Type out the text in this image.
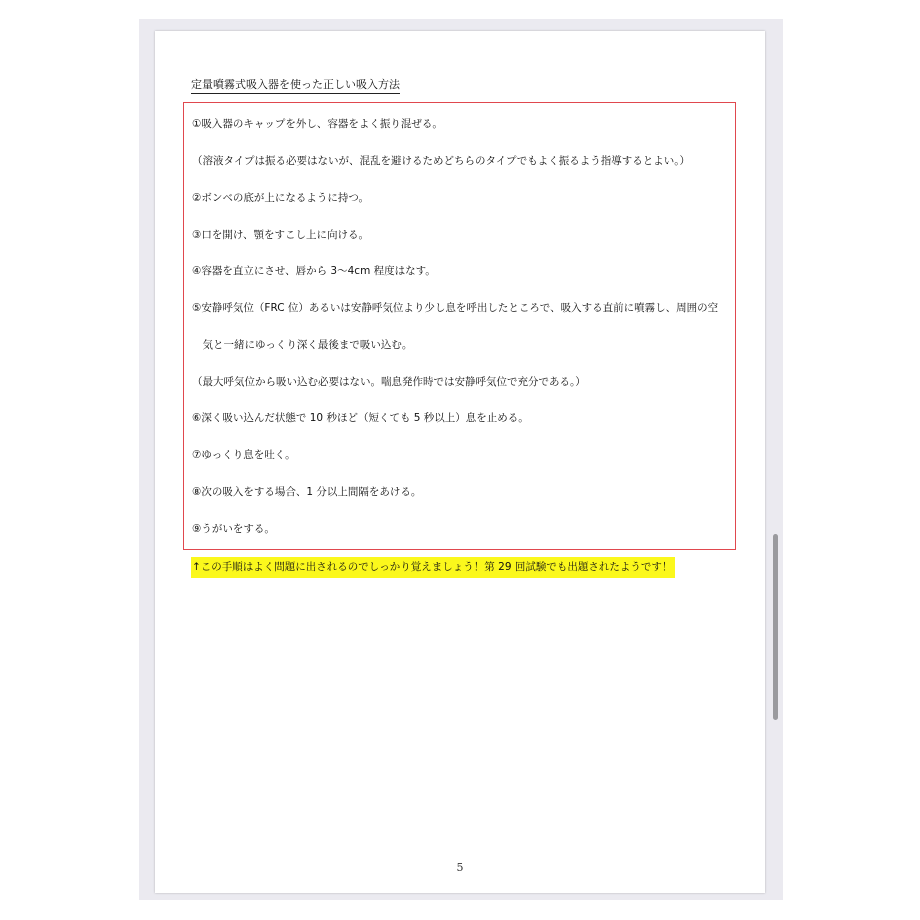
定量噴霧式吸入器を使った正しい吸入方法
①吸入器のキャップを外し、容器をよく振り混ぜる。
（溶液タイプは振る必要はないが、混乱を避けるためどちらのタイプでもよく振るよう指導するとよい。）
②ボンベの底が上になるように持つ。
③口を開け、顎をすこし上に向ける。
④容器を直立にさせ、唇から 3～4cm 程度はなす。
⑤安静呼気位（FRC 位）あるいは安静呼気位より少し息を呼出したところで、吸入する直前に噴霧し、周囲の空
　気と一緒にゆっくり深く最後まで吸い込む。
（最大呼気位から吸い込む必要はない。喘息発作時では安静呼気位で充分である。）
⑥深く吸い込んだ状態で 10 秒ほど（短くても 5 秒以上）息を止める。
⑦ゆっくり息を吐く。
⑧次の吸入をする場合、1 分以上間隔をあける。
⑨うがいをする。
↑この手順はよく問題に出されるのでしっかり覚えましょう！第 29 回試験でも出題されたようです！
5
